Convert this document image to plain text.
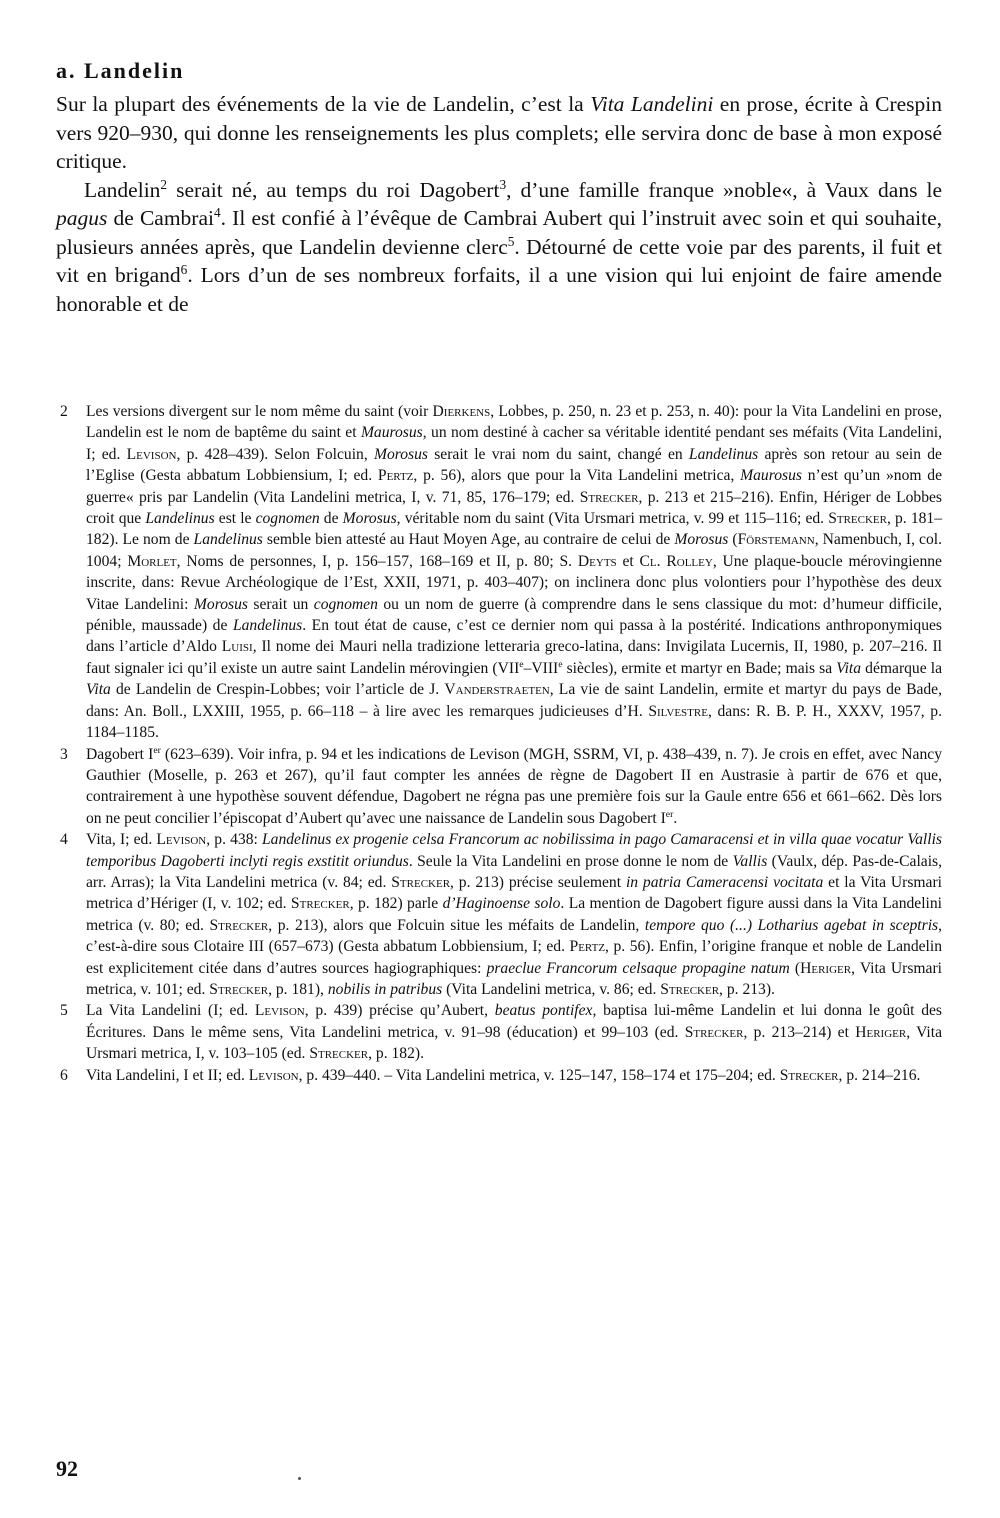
a. Landelin

Sur la plupart des événements de la vie de Landelin, c’est la Vita Landelini en prose, écrite à Crespin vers 920–930, qui donne les renseignements les plus complets; elle servira donc de base à mon exposé critique.

Landelin$^2$ serait né, au temps du roi Dagobert$^3$, d’une famille franque »noble«, à Vaux dans le pagus de Cambrai$^4$. Il est confié à l’évêque de Cambrai Aubert qui l’instruit avec soin et qui souhaite, plusieurs années après, que Landelin devienne clerc$^5$. Détourné de cette voie par des parents, il fuit et vit en brigand$^6$. Lors d’un de ses nombreux forfaits, il a une vision qui lui enjoint de faire amende honorable et de

2	Les versions divergent sur le nom même du saint (voir Dierkens, Lobbes, p. 250, n. 23 et p. 253, n. 40): pour la Vita Landelini en prose, Landelin est le nom de baptême du saint et Maurosus, un nom destiné à cacher sa véritable identité pendant ses méfaits (Vita Landelini, I; ed. Levison, p. 428–439). Selon Folcuin, Morosus serait le vrai nom du saint, changé en Landelinus après son retour au sein de l’Eglise (Gesta abbatum Lobbiensium, I; ed. Pertz, p. 56), alors que pour la Vita Landelini metrica, Maurosus n’est qu’un »nom de guerre« pris par Landelin (Vita Landelini metrica, I, v. 71, 85, 176–179; ed. Strecker, p. 213 et 215–216). Enfin, Hériger de Lobbes croit que Landelinus est le cognomen de Morosus, véritable nom du saint (Vita Ursmari metrica, v. 99 et 115–116; ed. Strecker, p. 181–182). Le nom de Landelinus semble bien attesté au Haut Moyen Age, au contraire de celui de Morosus (Förstemann, Namenbuch, I, col. 1004; Morlet, Noms de personnes, I, p. 156–157, 168–169 et II, p. 80; S. Deyts et Cl. Rolley, Une plaque-boucle mérovingienne inscrite, dans: Revue Archéologique de l’Est, XXII, 1971, p. 403–407); on inclinera donc plus volontiers pour l’hypothèse des deux Vitae Landelini: Morosus serait un cognomen ou un nom de guerre (à comprendre dans le sens classique du mot: d’humeur difficile, pénible, maussade) de Landelinus. En tout état de cause, c’est ce dernier nom qui passa à la postérité. Indications anthroponymiques dans l’article d’Aldo Luisi, Il nome dei Mauri nella tradizione letteraria greco-latina, dans: Invigilata Lucernis, II, 1980, p. 207–216. Il faut signaler ici qu’il existe un autre saint Landelin mérovingien (VIIe–VIIIe siècles), ermite et martyr en Bade; mais sa Vita démarque la Vita de Landelin de Crespin-Lobbes; voir l’article de J. Vanderstraeten, La vie de saint Landelin, ermite et martyr du pays de Bade, dans: An. Boll., LXXIII, 1955, p. 66–118 – à lire avec les remarques judicieuses d’H. Silvestre, dans: R. B. P. H., XXXV, 1957, p. 1184–1185.
3	Dagobert Ier (623–639). Voir infra, p. 94 et les indications de Levison (MGH, SSRM, VI, p. 438–439, n. 7). Je crois en effet, avec Nancy Gauthier (Moselle, p. 263 et 267), qu’il faut compter les années de règne de Dagobert II en Austrasie à partir de 676 et que, contrairement à une hypothèse souvent défendue, Dagobert ne régna pas une première fois sur la Gaule entre 656 et 661–662. Dès lors on ne peut concilier l’épiscopat d’Aubert qu’avec une naissance de Landelin sous Dagobert Ier.
4	Vita, I; ed. Levison, p. 438: Landelinus ex progenie celsa Francorum ac nobilissima in pago Camaracensi et in villa quae vocatur Vallis temporibus Dagoberti inclyti regis exstitit oriundus. Seule la Vita Landelini en prose donne le nom de Vallis (Vaulx, dép. Pas-de-Calais, arr. Arras); la Vita Landelini metrica (v. 84; ed. Strecker, p. 213) précise seulement in patria Cameracensi vocitata et la Vita Ursmari metrica d’Hériger (I, v. 102; ed. Strecker, p. 182) parle d’Haginoense solo. La mention de Dagobert figure aussi dans la Vita Landelini metrica (v. 80; ed. Strecker, p. 213), alors que Folcuin situe les méfaits de Landelin, tempore quo (...) Lotharius agebat in sceptris, c’est-à-dire sous Clotaire III (657–673) (Gesta abbatum Lobbiensium, I; ed. Pertz, p. 56). Enfin, l’origine franque et noble de Landelin est explicitement citée dans d’autres sources hagiographiques: praeclue Francorum celsaque propagine natum (Heriger, Vita Ursmari metrica, v. 101; ed. Strecker, p. 181), nobilis in patribus (Vita Landelini metrica, v. 86; ed. Strecker, p. 213).
5	La Vita Landelini (I; ed. Levison, p. 439) précise qu’Aubert, beatus pontifex, baptisa lui-même Landelin et lui donna le goût des Écritures. Dans le même sens, Vita Landelini metrica, v. 91–98 (éducation) et 99–103 (ed. Strecker, p. 213–214) et Heriger, Vita Ursmari metrica, I, v. 103–105 (ed. Strecker, p. 182).
6	Vita Landelini, I et II; ed. Levison, p. 439–440. – Vita Landelini metrica, v. 125–147, 158–174 et 175–204; ed. Strecker, p. 214–216.
92
